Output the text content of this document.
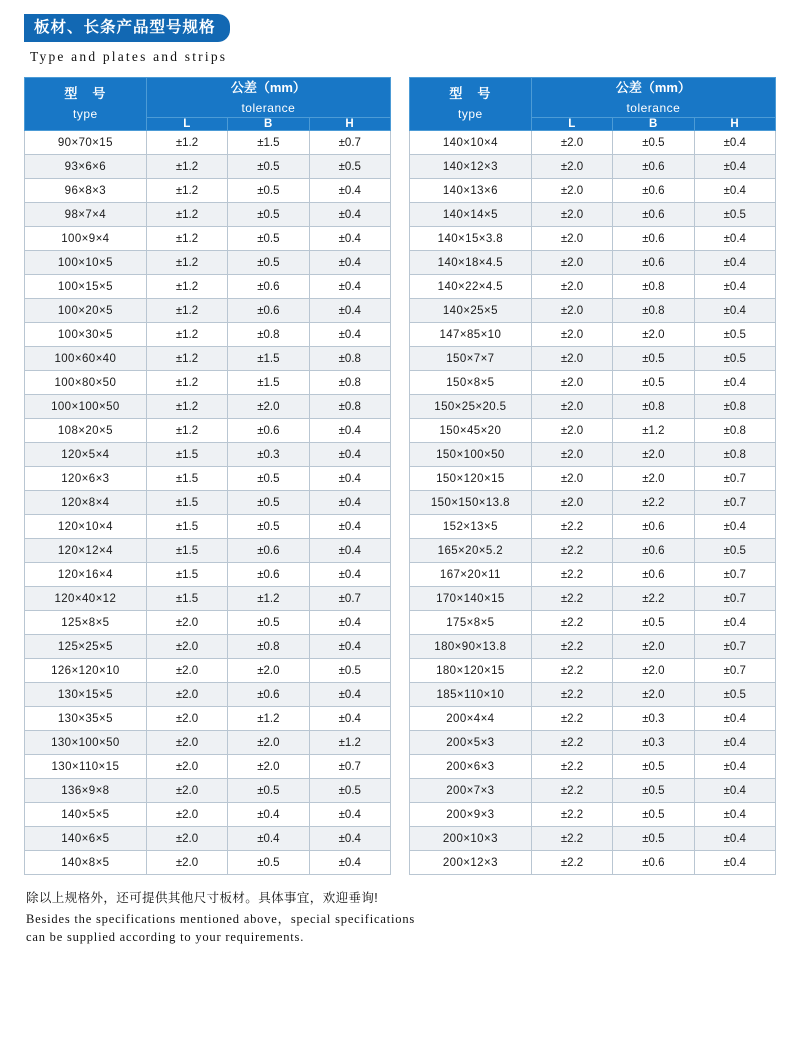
板材、长条产品型号规格
Type and plates and strips
型　号
type	公差（mm）
tolerance		
	L	B	H
90×70×15	±1.2	±1.5	±0.7
93×6×6	±1.2	±0.5	±0.5
96×8×3	±1.2	±0.5	±0.4
98×7×4	±1.2	±0.5	±0.4
100×9×4	±1.2	±0.5	±0.4
100×10×5	±1.2	±0.5	±0.4
100×15×5	±1.2	±0.6	±0.4
100×20×5	±1.2	±0.6	±0.4
100×30×5	±1.2	±0.8	±0.4
100×60×40	±1.2	±1.5	±0.8
100×80×50	±1.2	±1.5	±0.8
100×100×50	±1.2	±2.0	±0.8
108×20×5	±1.2	±0.6	±0.4
120×5×4	±1.5	±0.3	±0.4
120×6×3	±1.5	±0.5	±0.4
120×8×4	±1.5	±0.5	±0.4
120×10×4	±1.5	±0.5	±0.4
120×12×4	±1.5	±0.6	±0.4
120×16×4	±1.5	±0.6	±0.4
120×40×12	±1.5	±1.2	±0.7
125×8×5	±2.0	±0.5	±0.4
125×25×5	±2.0	±0.8	±0.4
126×120×10	±2.0	±2.0	±0.5
130×15×5	±2.0	±0.6	±0.4
130×35×5	±2.0	±1.2	±0.4
130×100×50	±2.0	±2.0	±1.2
130×110×15	±2.0	±2.0	±0.7
136×9×8	±2.0	±0.5	±0.5
140×5×5	±2.0	±0.4	±0.4
140×6×5	±2.0	±0.4	±0.4
140×8×5	±2.0	±0.5	±0.4
型　号
type	公差（mm）
tolerance		
	L	B	H
140×10×4	±2.0	±0.5	±0.4
140×12×3	±2.0	±0.6	±0.4
140×13×6	±2.0	±0.6	±0.4
140×14×5	±2.0	±0.6	±0.5
140×15×3.8	±2.0	±0.6	±0.4
140×18×4.5	±2.0	±0.6	±0.4
140×22×4.5	±2.0	±0.8	±0.4
140×25×5	±2.0	±0.8	±0.4
147×85×10	±2.0	±2.0	±0.5
150×7×7	±2.0	±0.5	±0.5
150×8×5	±2.0	±0.5	±0.4
150×25×20.5	±2.0	±0.8	±0.8
150×45×20	±2.0	±1.2	±0.8
150×100×50	±2.0	±2.0	±0.8
150×120×15	±2.0	±2.0	±0.7
150×150×13.8	±2.0	±2.2	±0.7
152×13×5	±2.2	±0.6	±0.4
165×20×5.2	±2.2	±0.6	±0.5
167×20×11	±2.2	±0.6	±0.7
170×140×15	±2.2	±2.2	±0.7
175×8×5	±2.2	±0.5	±0.4
180×90×13.8	±2.2	±2.0	±0.7
180×120×15	±2.2	±2.0	±0.7
185×110×10	±2.2	±2.0	±0.5
200×4×4	±2.2	±0.3	±0.4
200×5×3	±2.2	±0.3	±0.4
200×6×3	±2.2	±0.5	±0.4
200×7×3	±2.2	±0.5	±0.4
200×9×3	±2.2	±0.5	±0.4
200×10×3	±2.2	±0.5	±0.4
200×12×3	±2.2	±0.6	±0.4
除以上规格外，还可提供其他尺寸板材。具体事宜，欢迎垂询!
Besides the specifications mentioned above，special specifications
can be supplied according to your requirements.
